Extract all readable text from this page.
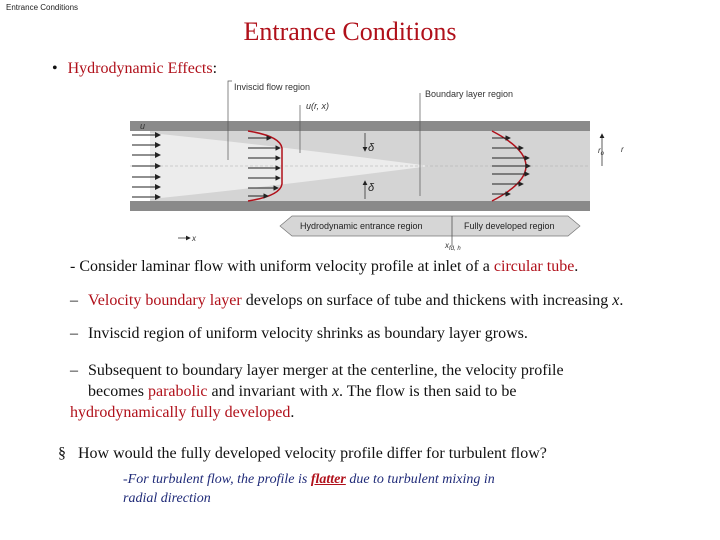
Entrance Conditions
Entrance Conditions
• Hydrodynamic Effects:
δ
δ
Inviscid flow region
u(r, x)
Boundary layer region
u
$r_o$ r
x
Hydrodynamic entrance region	Fully developed region
$x_{fd, h}$
- Consider laminar flow with uniform velocity profile at inlet of a circular tube.
– Velocity boundary layer develops on surface of tube and thickens with increasing x.
– Inviscid region of uniform velocity shrinks as boundary layer grows.
– Subsequent to boundary layer merger at the centerline, the velocity profile
becomes parabolic and invariant with x. The flow is then said to be
hydrodynamically fully developed.
§ How would the fully developed velocity profile differ for turbulent flow?
-For turbulent flow, the profile is flatter due to turbulent mixing in
radial direction
